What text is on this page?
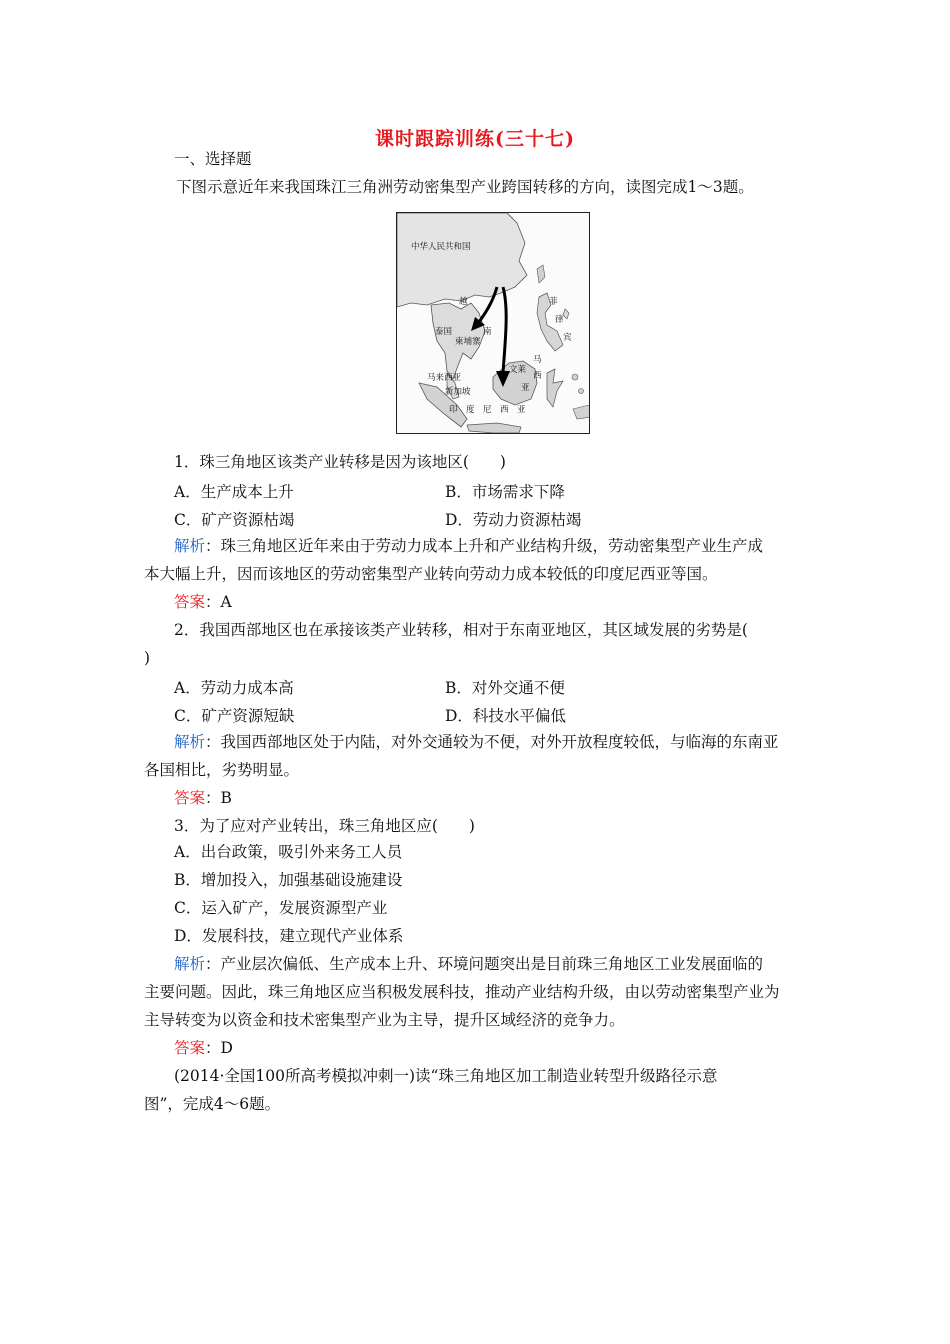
课时跟踪训练(三十七)
一、选择题
下图示意近年来我国珠江三角洲劳动密集型产业跨国转移的方向，读图完成1～3题。
中华人民共和国
越
南
泰国
柬埔寨
菲
律
宾
马来西亚
新加坡
文莱
马
西
亚
印　度　尼　西　亚
1．珠三角地区该类产业转移是因为该地区(　　)
A．生产成本上升	B．市场需求下降
C．矿产资源枯竭	D．劳动力资源枯竭
解析：珠三角地区近年来由于劳动力成本上升和产业结构升级，劳动密集型产业生产成
本大幅上升，因而该地区的劳动密集型产业转向劳动力成本较低的印度尼西亚等国。
答案：A
2．我国西部地区也在承接该类产业转移，相对于东南亚地区，其区域发展的劣势是(
)
A．劳动力成本高	B．对外交通不便
C．矿产资源短缺	D．科技水平偏低
解析：我国西部地区处于内陆，对外交通较为不便，对外开放程度较低，与临海的东南亚
各国相比，劣势明显。
答案：B
3．为了应对产业转出，珠三角地区应(　　)
A．出台政策，吸引外来务工人员
B．增加投入，加强基础设施建设
C．运入矿产，发展资源型产业
D．发展科技，建立现代产业体系
解析：产业层次偏低、生产成本上升、环境问题突出是目前珠三角地区工业发展面临的
主要问题。因此，珠三角地区应当积极发展科技，推动产业结构升级，由以劳动密集型产业为
主导转变为以资金和技术密集型产业为主导，提升区域经济的竞争力。
答案：D
(2014·全国100所高考模拟冲刺一)读“珠三角地区加工制造业转型升级路径示意
图”，完成4～6题。
